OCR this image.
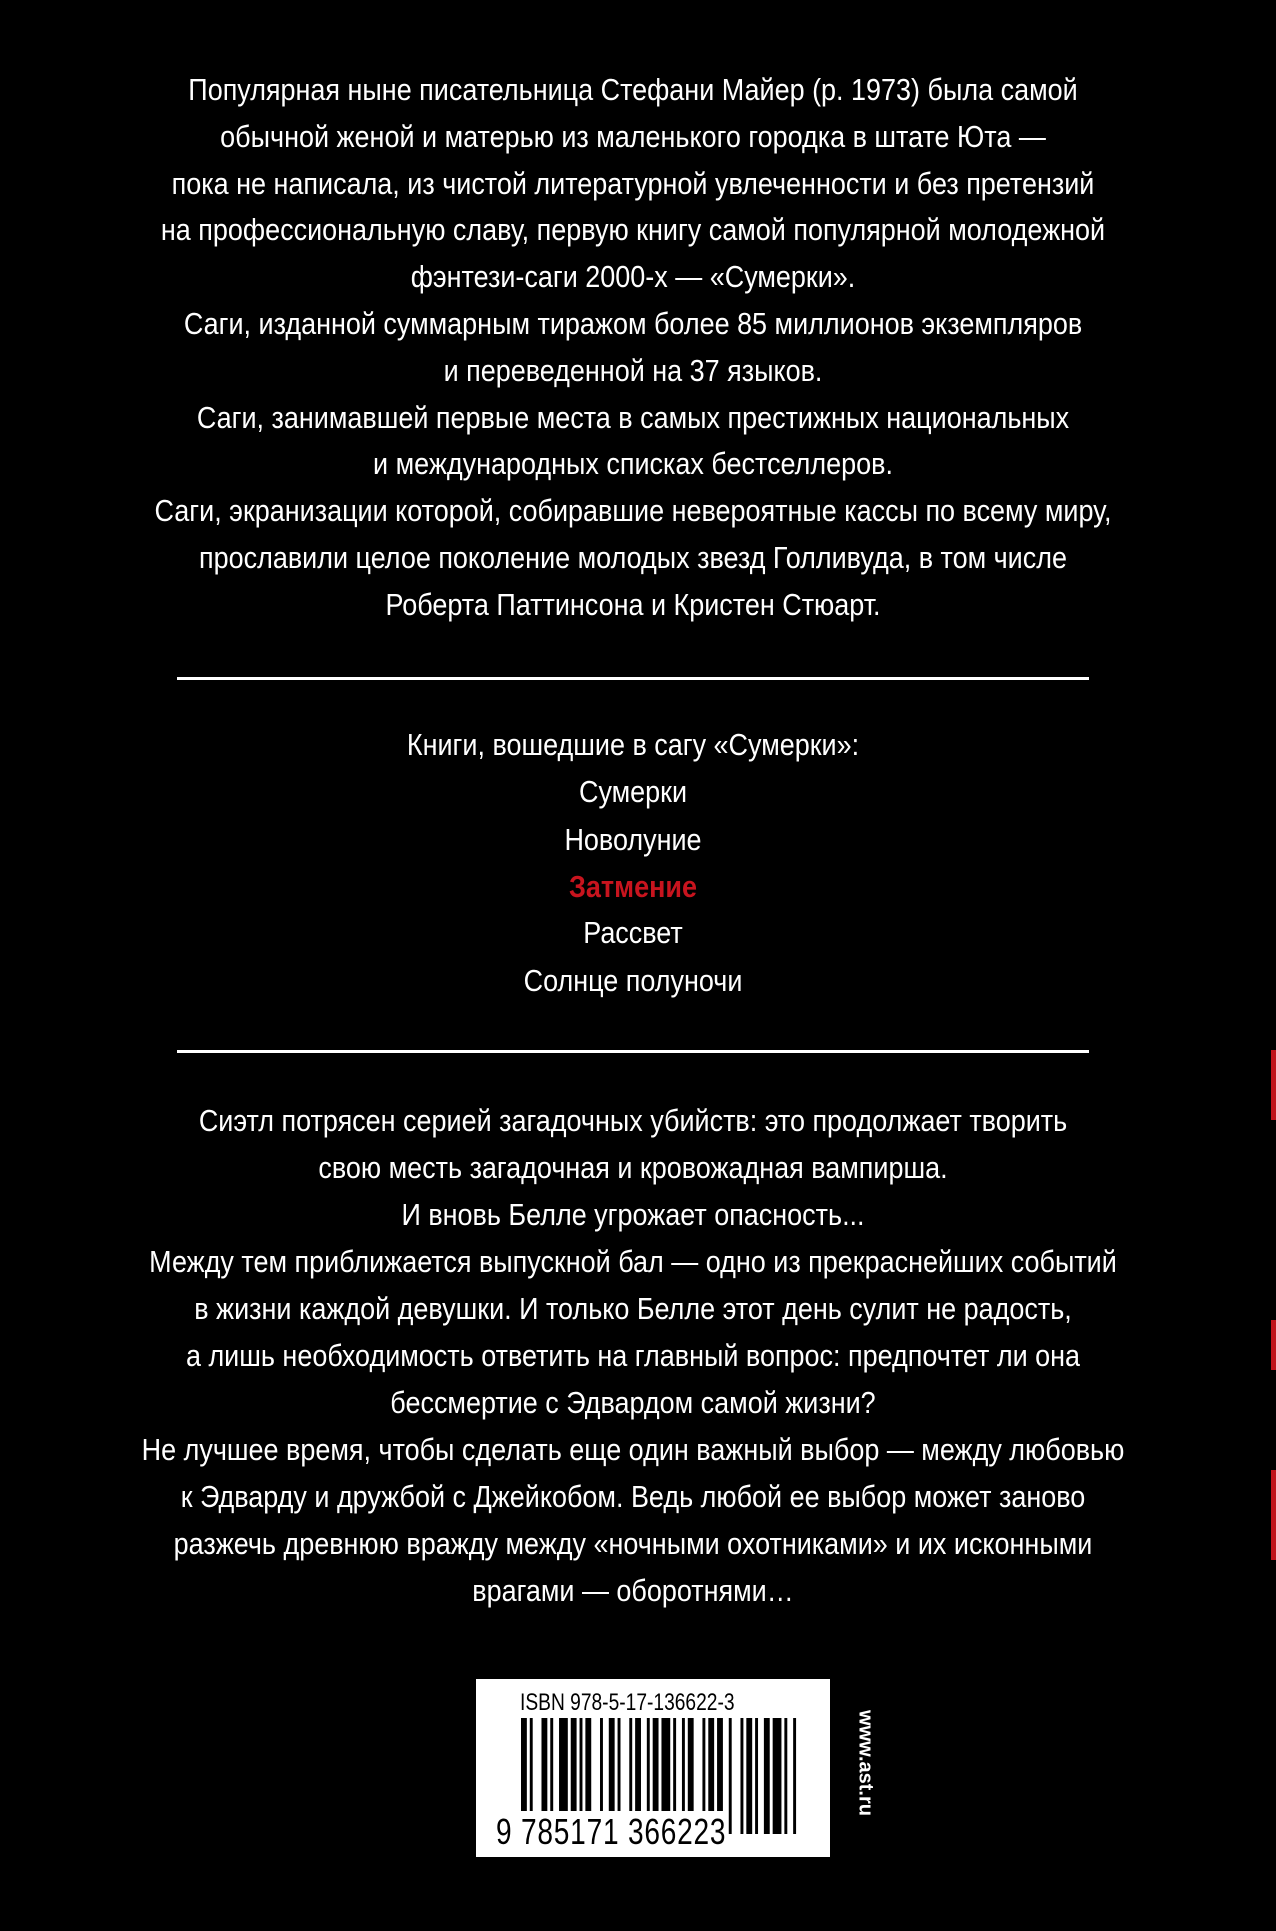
Популярная ныне писательница Стефани Майер (р. 1973) была самой
обычной женой и матерью из маленького городка в штате Юта —
пока не написала, из чистой литературной увлеченности и без претензий
на профессиональную славу, первую книгу самой популярной молодежной
фэнтези-саги 2000-х — «Сумерки».
Саги, изданной суммарным тиражом более 85 миллионов экземпляров
и переведенной на 37 языков.
Саги, занимавшей первые места в самых престижных национальных
и международных списках бестселлеров.
Саги, экранизации которой, собиравшие невероятные кассы по всему миру,
прославили целое поколение молодых звезд Голливуда, в том числе
Роберта Паттинсона и Кристен Стюарт.
Книги, вошедшие в сагу «Сумерки»:
Сумерки
Новолуние
Затмение
Рассвет
Солнце полуночи
Сиэтл потрясен серией загадочных убийств: это продолжает творить
свою месть загадочная и кровожадная вампирша.
И вновь Белле угрожает опасность...
Между тем приближается выпускной бал — одно из прекраснейших событий
в жизни каждой девушки. И только Белле этот день сулит не радость,
а лишь необходимость ответить на главный вопрос: предпочтет ли она
бессмертие с Эдвардом самой жизни?
Не лучшее время, чтобы сделать еще один важный выбор — между любовью
к Эдварду и дружбой с Джейкобом. Ведь любой ее выбор может заново
разжечь древнюю вражду между «ночными охотниками» и их исконными
врагами — оборотнями…
ISBN 978-5-17-136622-3
9 785171 366223
www.ast.ru
